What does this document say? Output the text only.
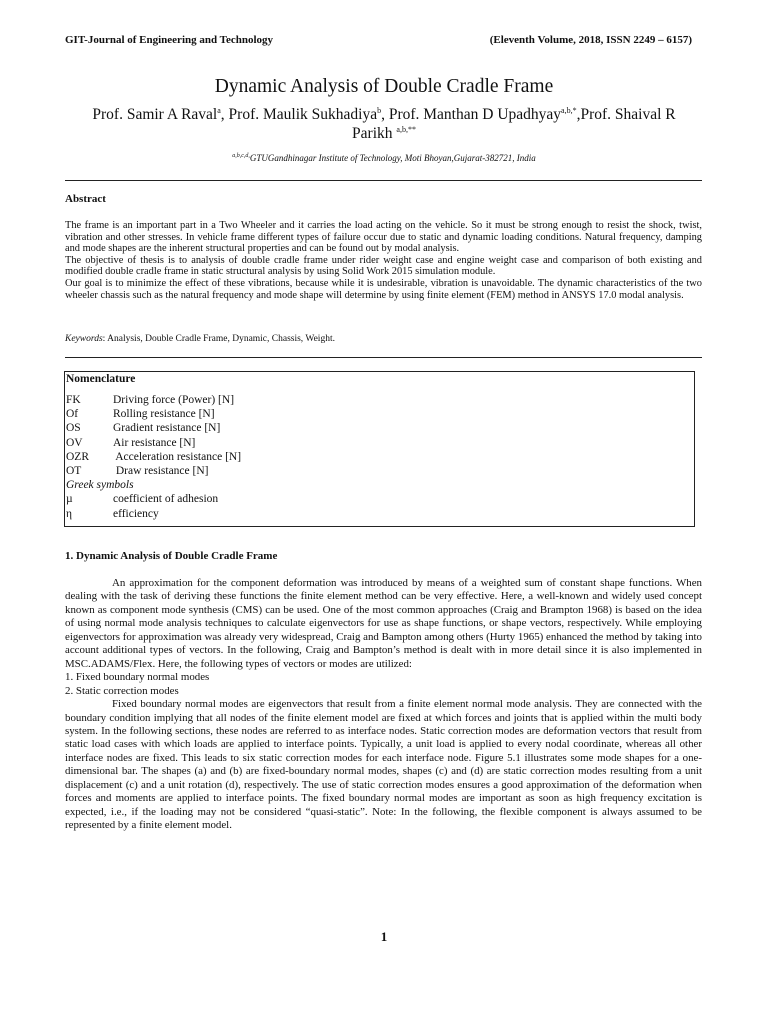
GIT-Journal of Engineering and Technology	(Eleventh Volume, 2018, ISSN 2249 – 6157)
Dynamic Analysis of Double Cradle Frame
Prof. Samir A Raval$^a$, Prof. Maulik Sukhadiya$^b$, Prof. Manthan D Upadhyay$^{a,b,*}$,Prof. Shaival R
Parikh $^{a,b,**}$
$^{a,b,c,d,}$GTUGandhinagar Institute of Technology, Moti Bhoyan,Gujarat-382721, India
Abstract

The frame is an important part in a Two Wheeler and it carries the load acting on the vehicle. So it must be strong enough to resist the shock, twist, vibration and other stresses. In vehicle frame different types of failure occur due to static and dynamic loading conditions. Natural frequency, damping and mode shapes are the inherent structural properties and can be found out by modal analysis.

The objective of thesis is to analysis of double cradle frame under rider weight case and engine weight case and comparison of both existing and modified double cradle frame in static structural analysis by using Solid Work 2015 simulation module.

Our goal is to minimize the effect of these vibrations, because while it is undesirable, vibration is unavoidable. The dynamic characteristics of the two wheeler chassis such as the natural frequency and mode shape will determine by using finite element (FEM) method in ANSYS 17.0 modal analysis.

Keywords: Analysis, Double Cradle Frame, Dynamic, Chassis, Weight.
Nomenclature
FK	Driving force (Power) [N]
Of	Rolling resistance [N]
OS	Gradient resistance [N]
OV	Air resistance [N]
OZR	Acceleration resistance [N]
OT	Draw resistance [N]
Greek symbols
µ	coefficient of adhesion
η	efficiency
1. Dynamic Analysis of Double Cradle Frame

An approximation for the component deformation was introduced by means of a weighted sum of constant shape functions. When dealing with the task of deriving these functions the finite element method can be very effective. Here, a well-known and widely used concept known as component mode synthesis (CMS) can be used. One of the most common approaches (Craig and Brampton 1968) is based on the idea of using normal mode analysis techniques to calculate eigenvectors for use as shape functions, or shape vectors, respectively. While employing eigenvectors for approximation was already very widespread, Craig and Bampton among others (Hurty 1965) enhanced the method by taking into account additional types of vectors. In the following, Craig and Bampton’s method is dealt with in more detail since it is also implemented in MSC.ADAMS/Flex. Here, the following types of vectors or modes are utilized:

1. Fixed boundary normal modes

2. Static correction modes

Fixed boundary normal modes are eigenvectors that result from a finite element normal mode analysis. They are connected with the boundary condition implying that all nodes of the finite element model are fixed at which forces and joints that is applied within the multi body system. In the following sections, these nodes are referred to as interface nodes. Static correction modes are deformation vectors that result from static load cases with which loads are applied to interface points. Typically, a unit load is applied to every nodal coordinate, whereas all other interface nodes are fixed. This leads to six static correction modes for each interface node. Figure 5.1 illustrates some mode shapes for a one-dimensional bar. The shapes (a) and (b) are fixed-boundary normal modes, shapes (c) and (d) are static correction modes resulting from a unit displacement (c) and a unit rotation (d), respectively. The use of static correction modes ensures a good approximation of the deformation when forces and moments are applied to interface points. The fixed boundary normal modes are important as soon as high frequency excitation is expected, i.e., if the loading may not be considered “quasi-static”. Note: In the following, the flexible component is always assumed to be represented by a finite element model.

1
